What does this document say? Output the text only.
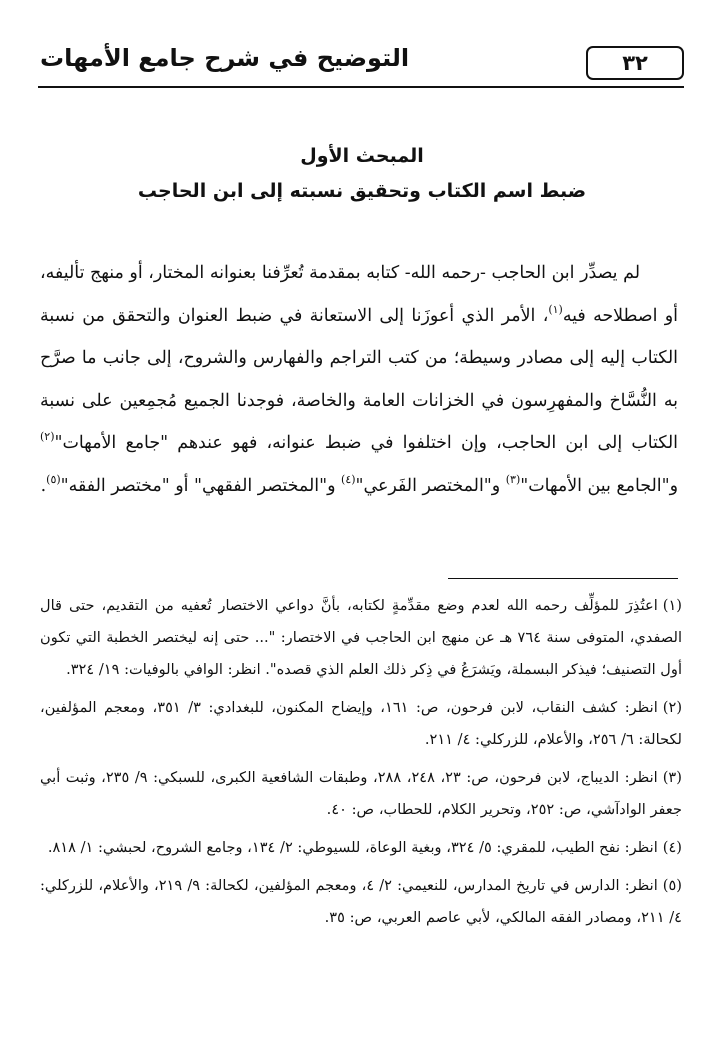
٣٢
التوضيح في شرح جامع الأمهات
المبحث الأول
ضبط اسم الكتاب وتحقيق نسبته إلى ابن الحاجب

لم يصدِّر ابن الحاجب -رحمه الله- كتابه بمقدمة تُعرِّفنا بعنوانه المختار، أو منهج تأليفه، أو اصطلاحه فيه$^{(١)}$، الأمر الذي أعوزَنا إلى الاستعانة في ضبط العنوان والتحقق من نسبة الكتاب إليه إلى مصادر وسيطة؛ من كتب التراجم والفهارس والشروح، إلى جانب ما صرَّح به النُّسَّاخ والمفهرِسون في الخزانات العامة والخاصة، فوجدنا الجميع مُجمِعين على نسبة الكتاب إلى ابن الحاجب، وإن اختلفوا في ضبط عنوانه، فهو عندهم "جامع الأمهات"$^{(٢)}$ و"الجامع بين الأمهات"$^{(٣)}$ و"المختصر الفَرعي"$^{(٤)}$ و"المختصر الفقهي" أو "مختصر الفقه"$^{(٥)}$.

(١)اعتُذِرَ للمؤلِّف رحمه الله لعدم وضع مقدِّمةٍ لكتابه، بأنَّ دواعي الاختصار تُعفيه من التقديم، حتى قال الصفدي، المتوفى سنة ٧٦٤ هـ عن منهج ابن الحاجب في الاختصار: "... حتى إنه ليختصر الخطبة التي تكون أول التصنيف؛ فيذكر البسملة، ويَشرَعُ في ذِكر ذلك العلم الذي قصده". انظر: الوافي بالوفيات: ١٩/ ٣٢٤.

(٢)انظر: كشف النقاب، لابن فرحون، ص: ١٦١، وإيضاح المكنون، للبغدادي: ٣/ ٣٥١، ومعجم المؤلفين، لكحالة: ٦/ ٢٥٦، والأعلام، للزركلي: ٤/ ٢١١.

(٣)انظر: الديباج، لابن فرحون، ص: ٢٣، ٢٤٨، ٢٨٨، وطبقات الشافعية الكبرى، للسبكي: ٩/ ٢٣٥، وثبت أبي جعفر الوادآشي، ص: ٢٥٢، وتحرير الكلام، للحطاب، ص: ٤٠.

(٤)انظر: نفح الطيب، للمقري: ٥/ ٣٢٤، وبغية الوعاة، للسيوطي: ٢/ ١٣٤، وجامع الشروح، لحبشي: ١/ ٨١٨.

(٥)انظر: الدارس في تاريخ المدارس، للنعيمي: ٢/ ٤، ومعجم المؤلفين، لكحالة: ٩/ ٢١٩، والأعلام، للزركلي: ٤/ ٢١١، ومصادر الفقه المالكي، لأبي عاصم العربي، ص: ٣٥.
